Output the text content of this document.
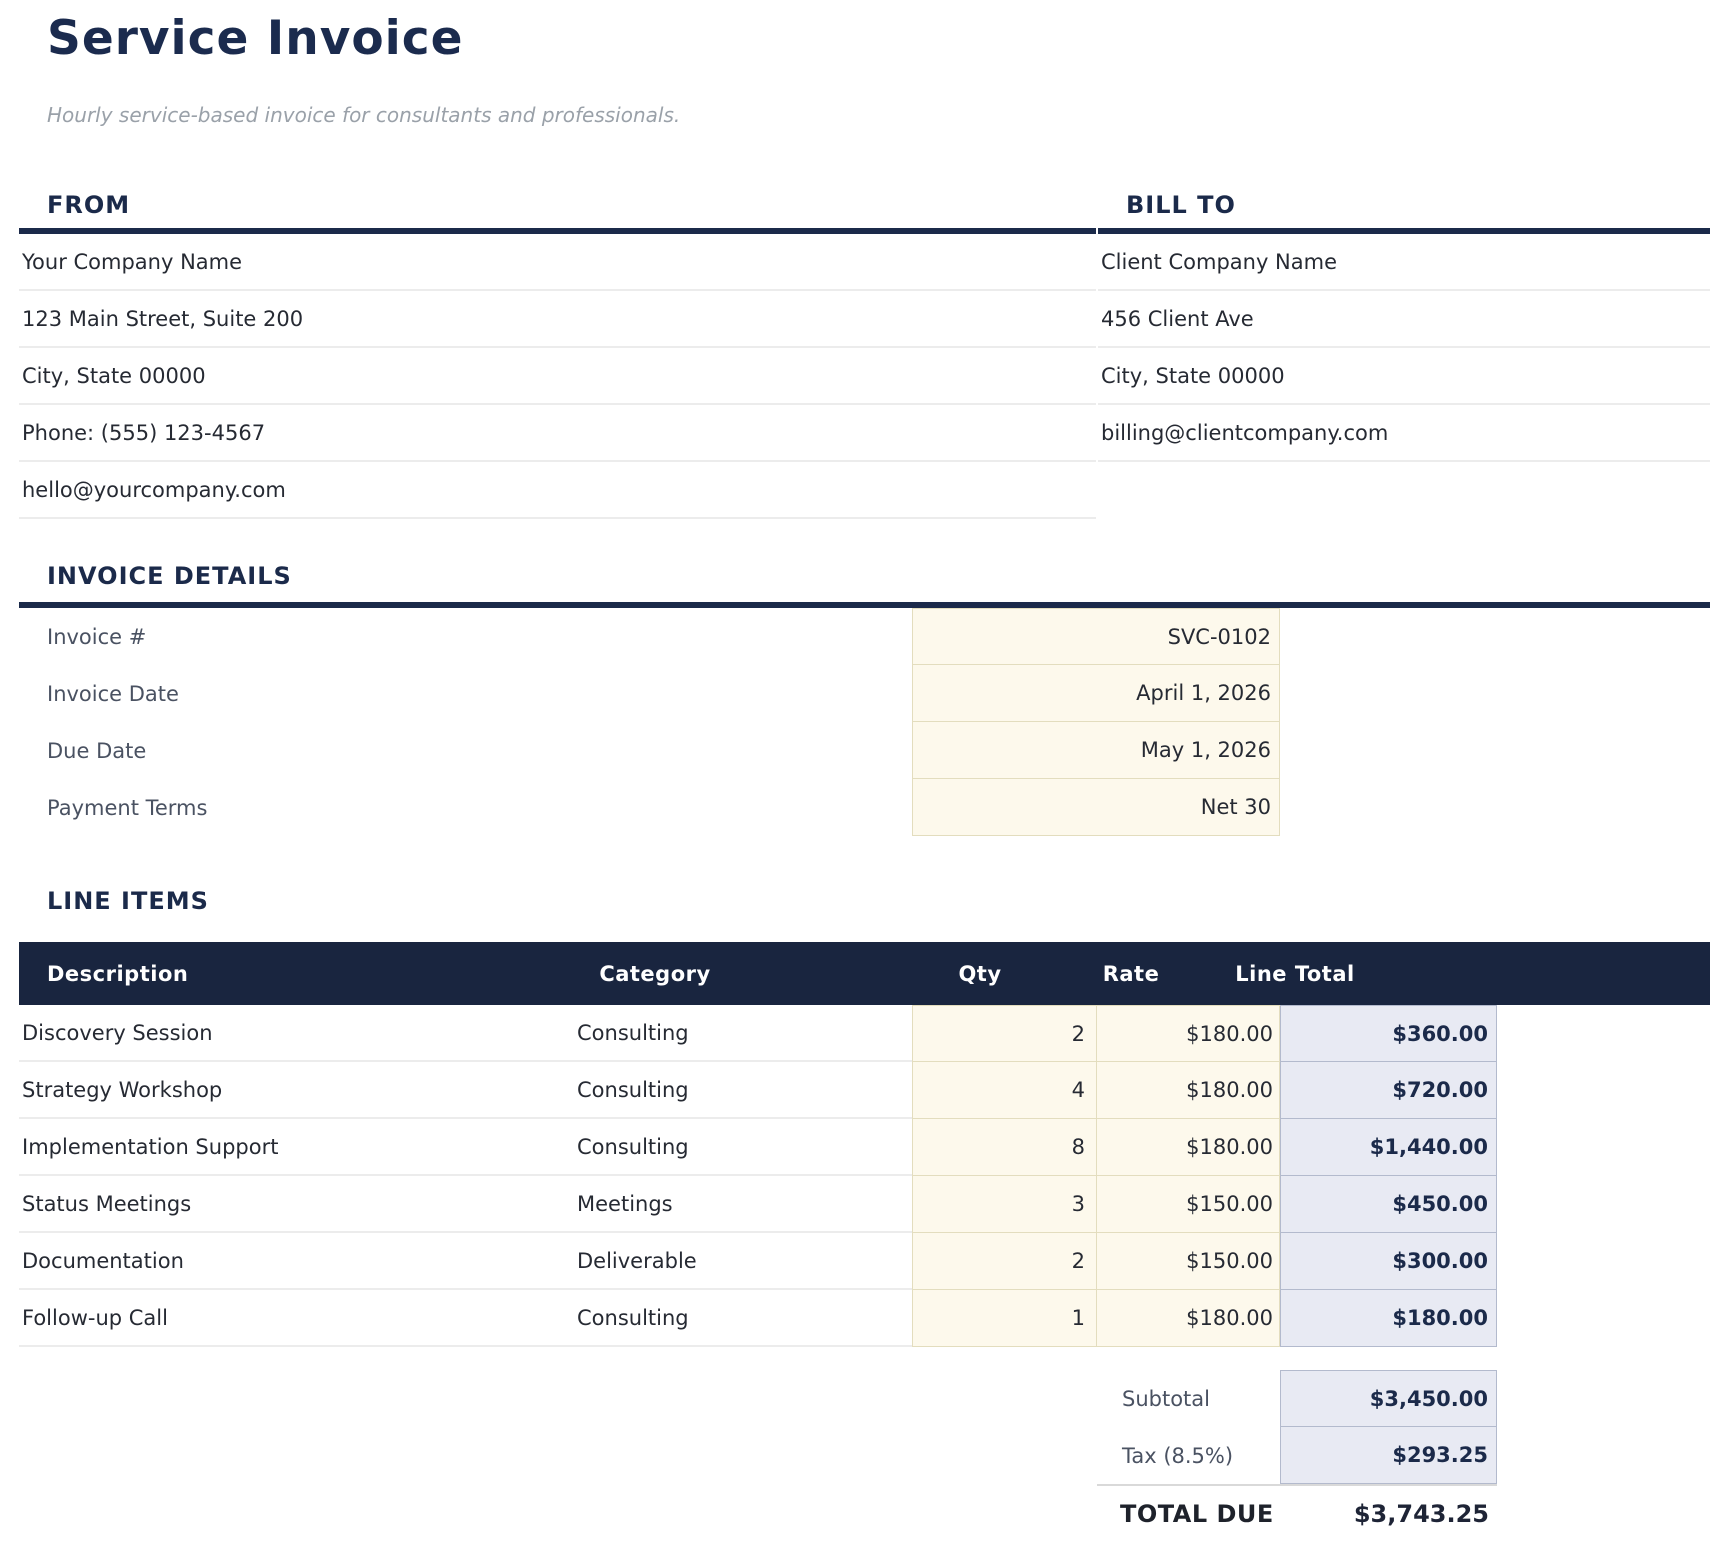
Service Invoice

Hourly service-based invoice for consultants and professionals.

FROM
Your Company Name
123 Main Street, Suite 200
City, State 00000
Phone: (555) 123-4567
hello@yourcompany.com
BILL TO
Client Company Name
456 Client Ave
City, State 00000
billing@clientcompany.com
INVOICE DETAILS
Invoice #	SVC-0102
Invoice Date	April 1, 2026
Due Date	May 1, 2026
Payment Terms	Net 30
LINE ITEMS
Description	Category	Qty	Rate	Line Total
Discovery Session	Consulting	2	$180.00	$360.00
Strategy Workshop	Consulting	4	$180.00	$720.00
Implementation Support	Consulting	8	$180.00	$1,440.00
Status Meetings	Meetings	3	$150.00	$450.00
Documentation	Deliverable	2	$150.00	$300.00
Follow-up Call	Consulting	1	$180.00	$180.00
Subtotal	$3,450.00
Tax (8.5%)	$293.25
TOTAL DUE	$3,743.25
